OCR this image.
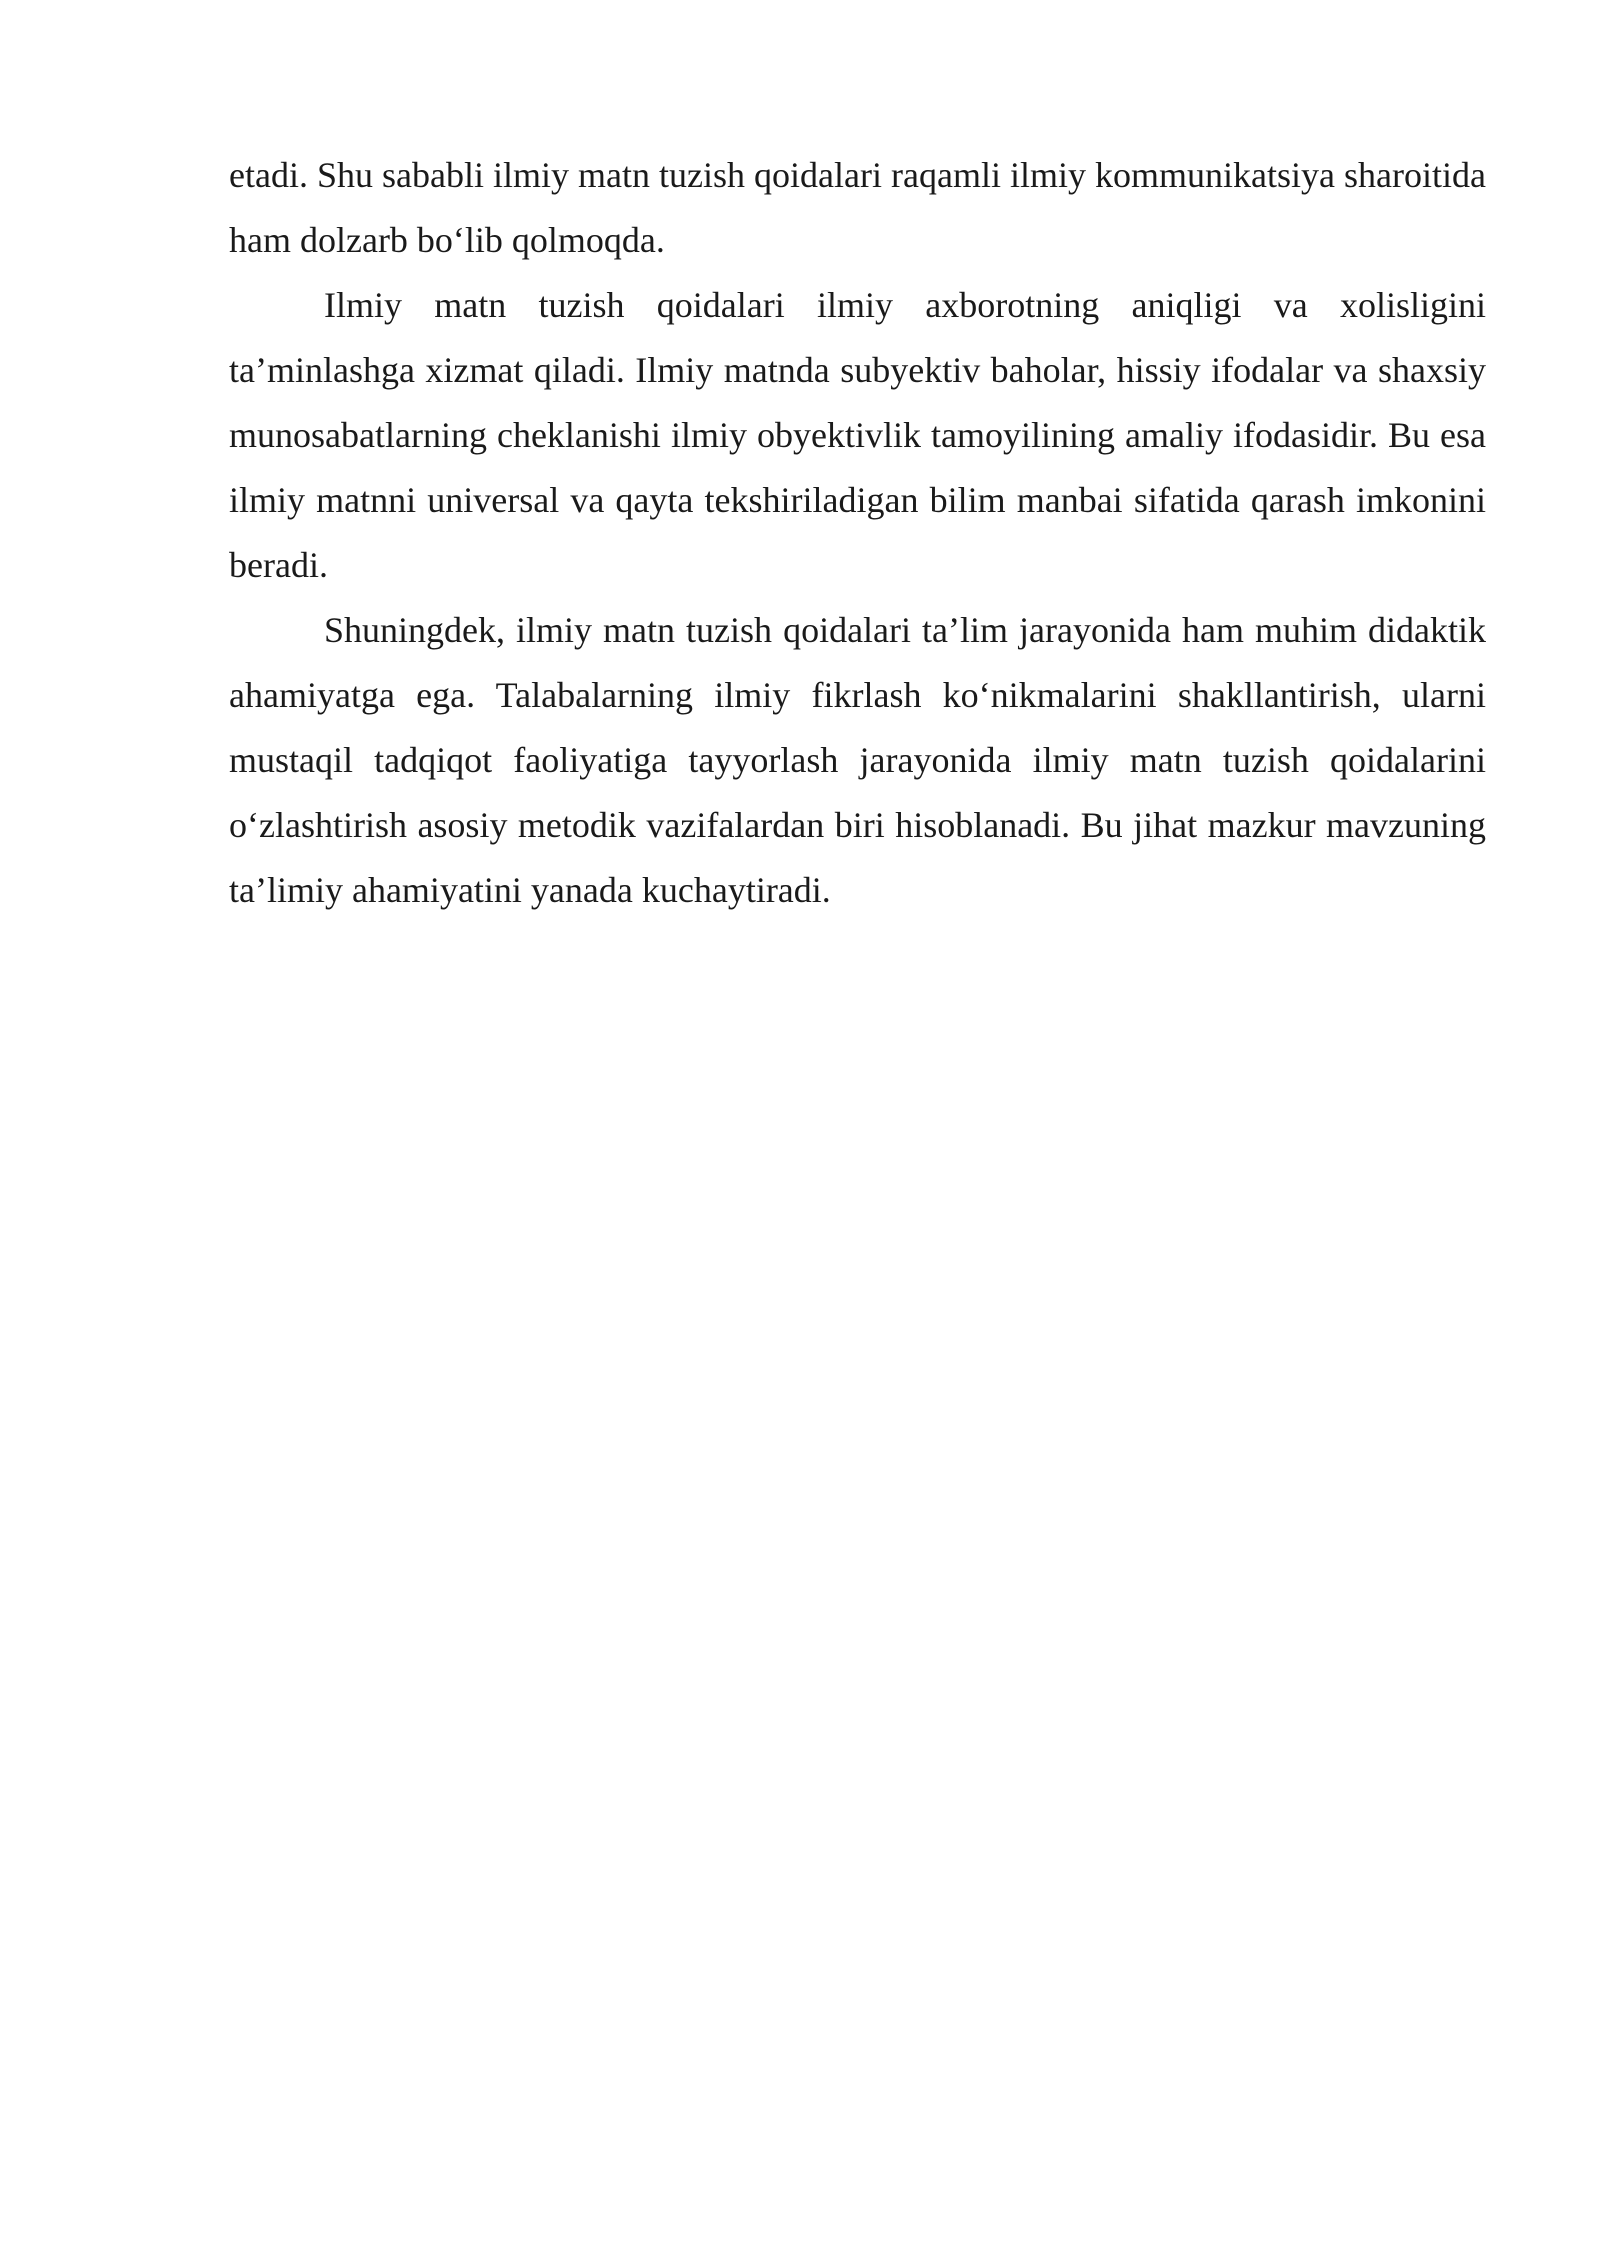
etadi. Shu sababli ilmiy matn tuzish qoidalari raqamli ilmiy kommunikatsiya sharoitida ham dolzarb bo‘lib qolmoqda.

Ilmiy matn tuzish qoidalari ilmiy axborotning aniqligi va xolisligini ta’minlashga xizmat qiladi. Ilmiy matnda subyektiv baholar, hissiy ifodalar va shaxsiy munosabatlarning cheklanishi ilmiy obyektivlik tamoyilining amaliy ifodasidir. Bu esa ilmiy matnni universal va qayta tekshiriladigan bilim manbai sifatida qarash imkonini beradi.

Shuningdek, ilmiy matn tuzish qoidalari ta’lim jarayonida ham muhim didaktik ahamiyatga ega. Talabalarning ilmiy fikrlash ko‘nikmalarini shakllantirish, ularni mustaqil tadqiqot faoliyatiga tayyorlash jarayonida ilmiy matn tuzish qoidalarini o‘zlashtirish asosiy metodik vazifalardan biri hisoblanadi. Bu jihat mazkur mavzuning ta’limiy ahamiyatini yanada kuchaytiradi.
